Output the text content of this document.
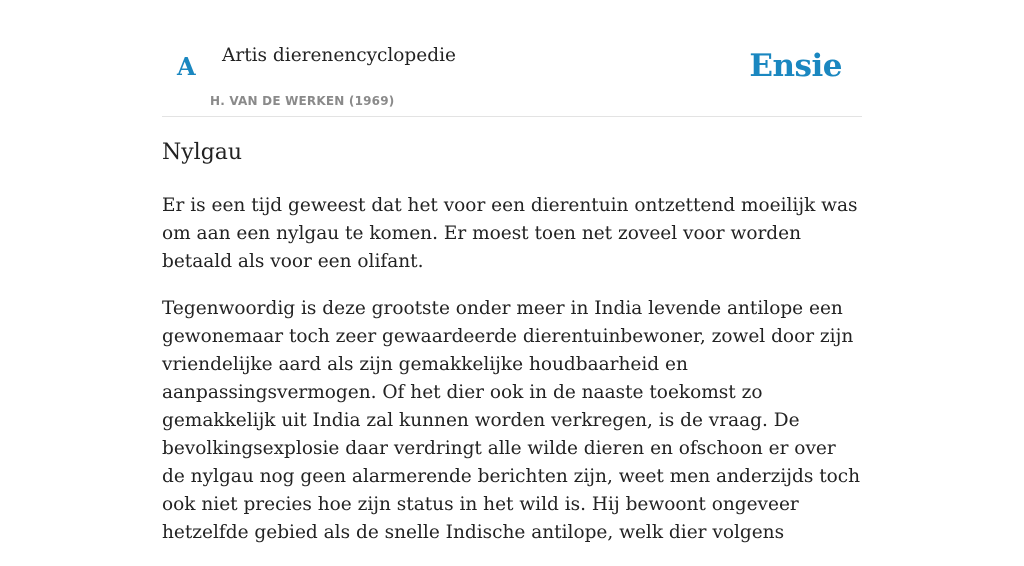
A Artis dierenencyclopedie
H. VAN DE WERKEN (1969)
Ensie
Nylgau

Er is een tijd geweest dat het voor een dierentuin ontzettend moeilijk was om aan een nylgau te komen. Er moest toen net zoveel voor worden betaald als voor een olifant.

Tegenwoordig is deze grootste onder meer in India levende antilope een gewonemaar toch zeer gewaardeerde dierentuinbewoner, zowel door zijn vriendelijke aard als zijn gemakkelijke houdbaarheid en aanpassingsvermogen. Of het dier ook in de naaste toekomst zo gemakkelijk uit India zal kunnen worden verkregen, is de vraag. De bevolkingsexplosie daar verdringt alle wilde dieren en ofschoon er over de nylgau nog geen alarmerende berichten zijn, weet men anderzijds toch ook niet precies hoe zijn status in het wild is. Hij bewoont ongeveer hetzelfde gebied als de snelle Indische antilope, welk dier volgens
